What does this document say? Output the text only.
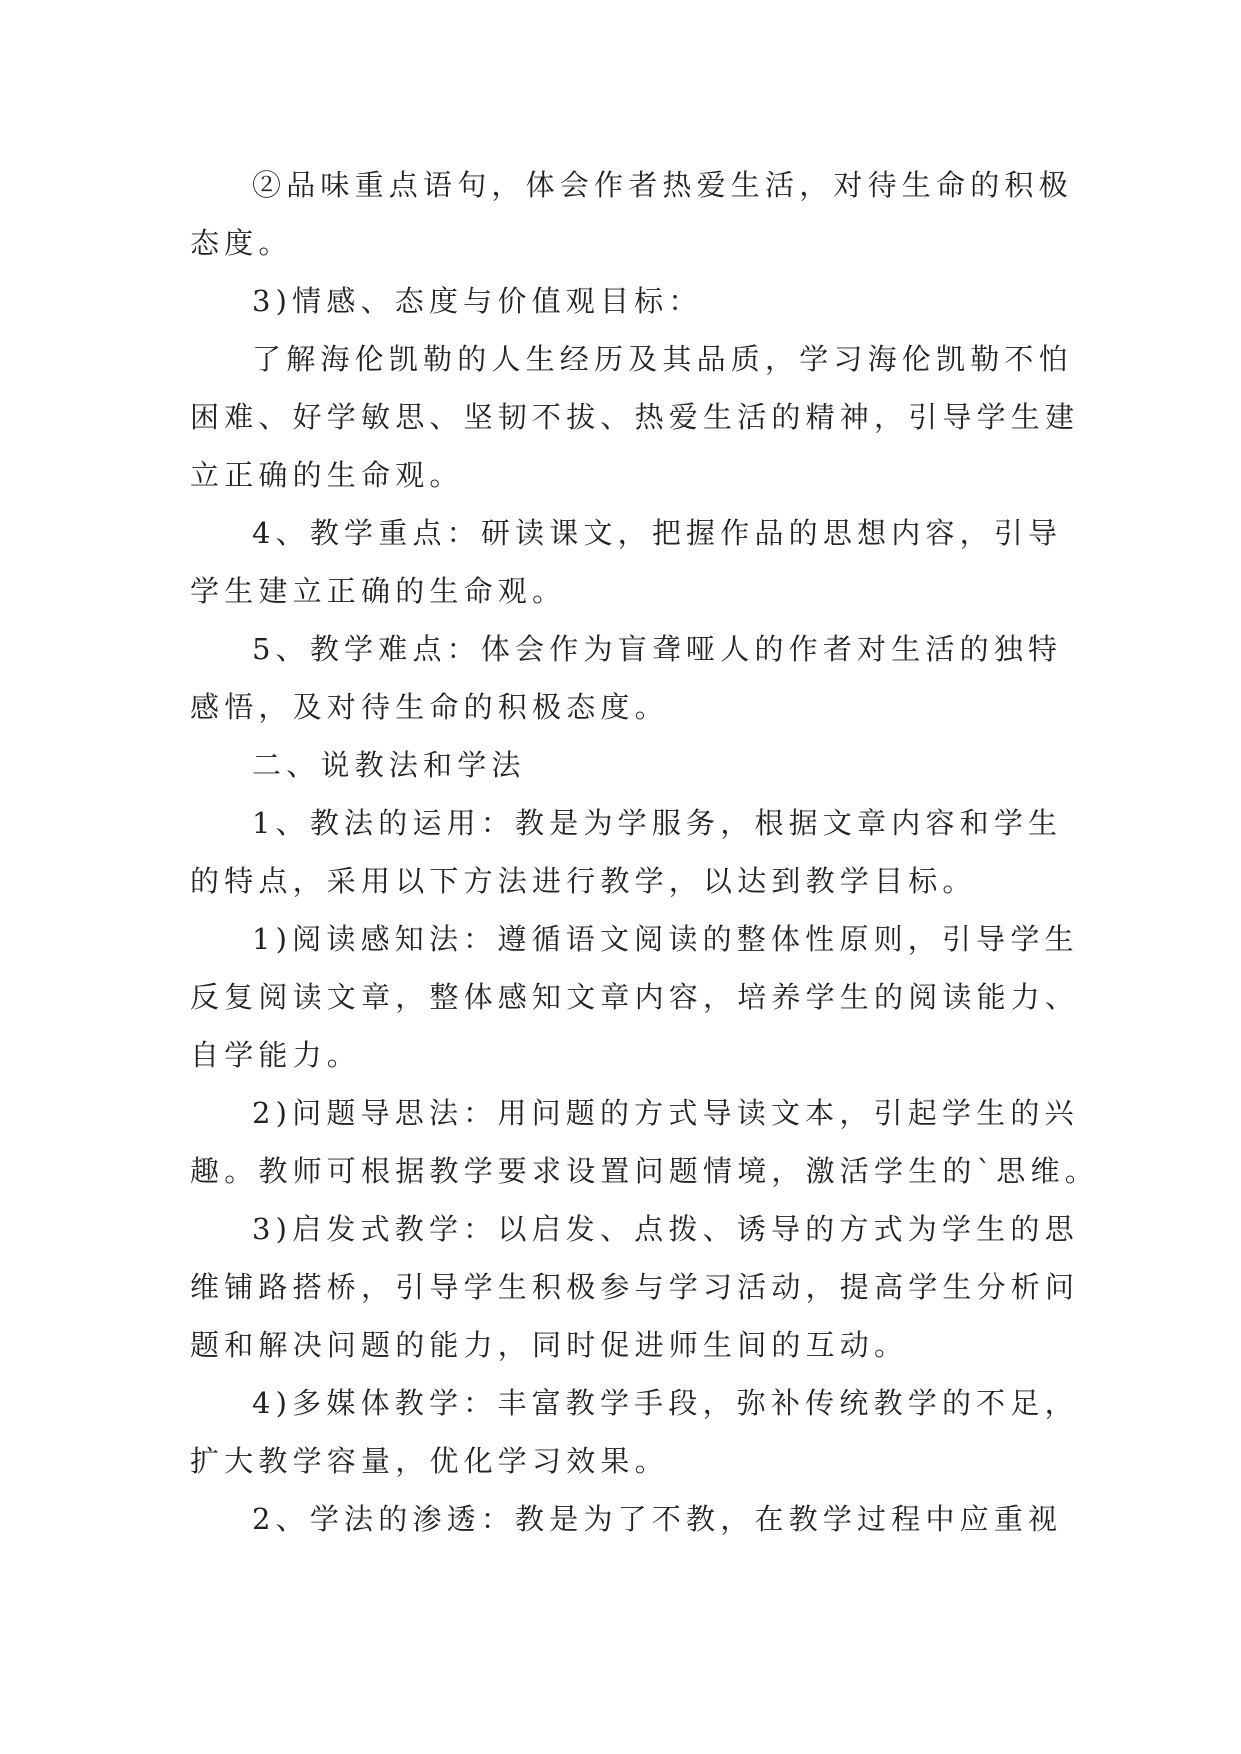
②品味重点语句，体会作者热爱生活，对待生命的积极
态度。
3)情感、态度与价值观目标：
了解海伦凯勒的人生经历及其品质，学习海伦凯勒不怕
困难、好学敏思、坚韧不拔、热爱生活的精神，引导学生建
立正确的生命观。
4、教学重点：研读课文，把握作品的思想内容，引导
学生建立正确的生命观。
5、教学难点：体会作为盲聋哑人的作者对生活的独特
感悟，及对待生命的积极态度。
二、说教法和学法
1、教法的运用：教是为学服务，根据文章内容和学生
的特点，采用以下方法进行教学，以达到教学目标。
1)阅读感知法：遵循语文阅读的整体性原则，引导学生
反复阅读文章，整体感知文章内容，培养学生的阅读能力、
自学能力。
2)问题导思法：用问题的方式导读文本，引起学生的兴
趣。教师可根据教学要求设置问题情境，激活学生的`思维。
3)启发式教学：以启发、点拨、诱导的方式为学生的思
维铺路搭桥，引导学生积极参与学习活动，提高学生分析问
题和解决问题的能力，同时促进师生间的互动。
4)多媒体教学：丰富教学手段，弥补传统教学的不足，
扩大教学容量，优化学习效果。
2、学法的渗透：教是为了不教，在教学过程中应重视
